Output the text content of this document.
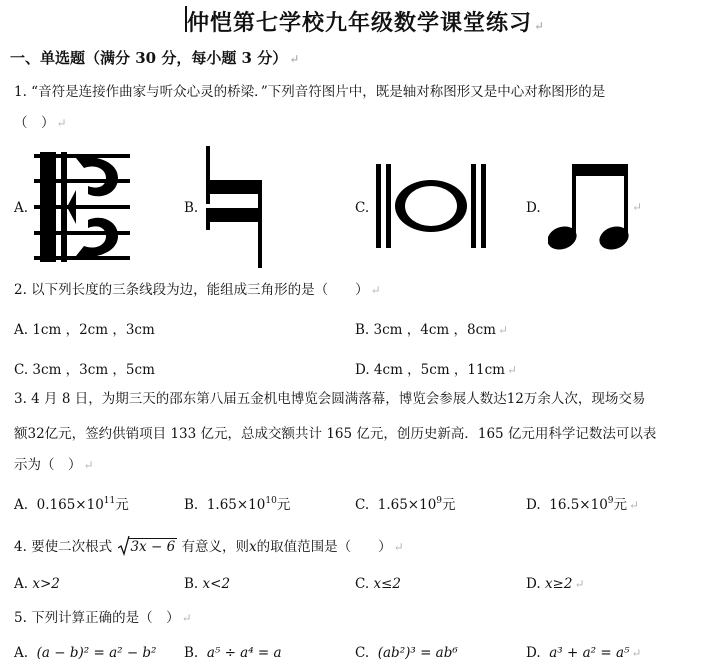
仲恺第七学校九年级数学课堂练习 ↵
一、单选题（满分 30 分，每小题 3 分） ↵
1. “音符是连接作曲家与听众心灵的桥梁．”下列音符图片中，既是轴对称图形又是中心对称图形的是
（　） ↵
A.	B.	C.	D.	↵
2. 以下列长度的三条线段为边，能组成三角形的是（　　） ↵
A. 1cm ，2cm ，3cm	B. 3cm ，4cm ，8cm ↵
C. 3cm ，3cm ，5cm	D. 4cm ，5cm ，11cm ↵
3. 4 月 8 日，为期三天的邵东第八届五金机电博览会圆满落幕，博览会参展人数达12万余人次，现场交易
额32亿元，签约供销项目 133 亿元，总成交额共计 165 亿元，创历史新高．165 亿元用科学记数法可以表
示为（　） ↵
A. $0.165\times 10^{11}$元	B. $1.65\times 10^{10}$元	C. $1.65\times 10^9$元	D. $16.5\times 10^9$元 ↵
4. 要使二次根式 3x − 6 有意义，则x的取值范围是（　　） ↵
A. x>2	B. x<2	C. x≤2	D. x≥2 ↵
5. 下列计算正确的是（　） ↵
A. (a − b)² = a² − b² B. a⁵ ÷ a⁴ = a	C. (ab²)³ = ab⁶	D. a³ + a² = a⁵ ↵
